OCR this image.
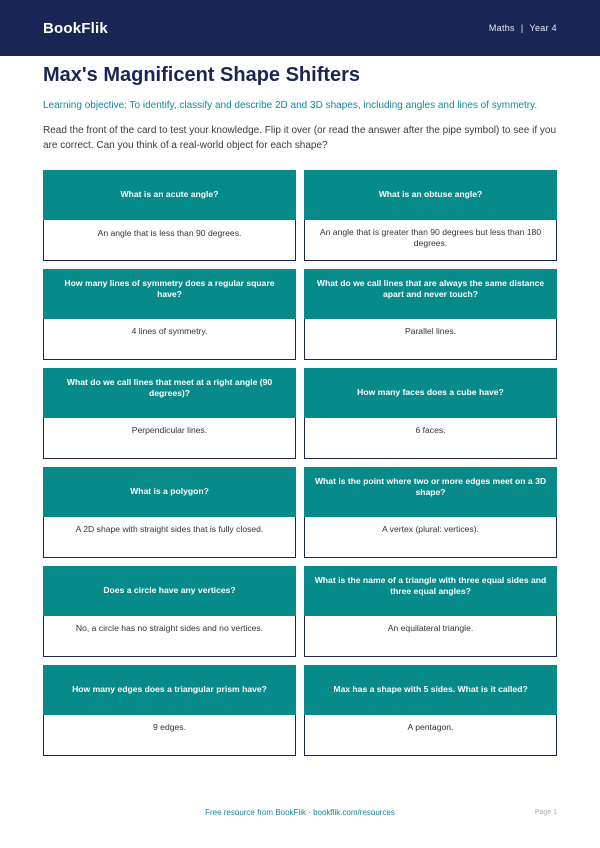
BookFlik	Maths | Year 4
Max's Magnificent Shape Shifters

Learning objective: To identify, classify and describe 2D and 3D shapes, including angles and lines of symmetry.

Read the front of the card to test your knowledge. Flip it over (or read the answer after the pipe symbol) to see if you are correct. Can you think of a real-world object for each shape?

What is an acute angle?
An angle that is less than 90 degrees.
What is an obtuse angle?
An angle that is greater than 90 degrees but less than 180 degrees.
How many lines of symmetry does a regular square have?
4 lines of symmetry.
What do we call lines that are always the same distance apart and never touch?
Parallel lines.
What do we call lines that meet at a right angle (90 degrees)?
Perpendicular lines.
How many faces does a cube have?
6 faces.
What is a polygon?
A 2D shape with straight sides that is fully closed.
What is the point where two or more edges meet on a 3D shape?
A vertex (plural: vertices).
Does a circle have any vertices?
No, a circle has no straight sides and no vertices.
What is the name of a triangle with three equal sides and three equal angles?
An equilateral triangle.
How many edges does a triangular prism have?
9 edges.
Max has a shape with 5 sides. What is it called?
A pentagon.
Free resource from BookFlik · bookflik.com/resources	Page 1
